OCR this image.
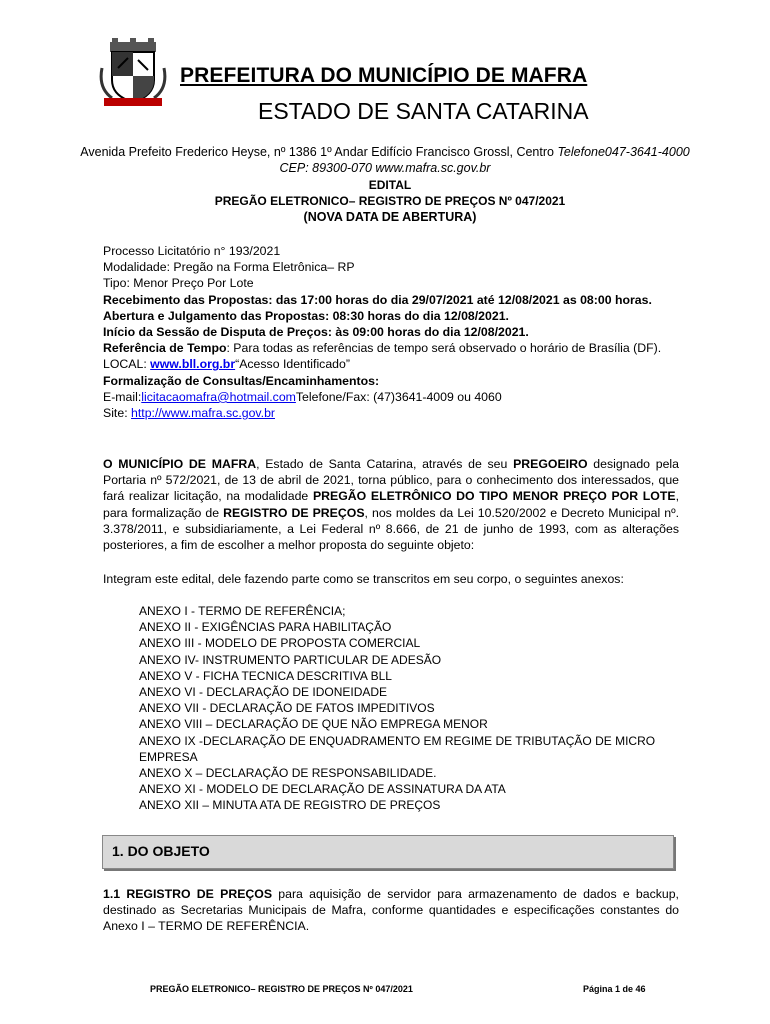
PREFEITURA DO MUNICÍPIO DE MAFRA
ESTADO DE SANTA CATARINA
Avenida Prefeito Frederico Heyse, nº 1386 1º Andar Edifício Francisco Grossl, Centro Telefone047-3641-4000
CEP: 89300-070 www.mafra.sc.gov.br
EDITAL
PREGÃO ELETRONICO– REGISTRO DE PREÇOS Nº 047/2021
(NOVA DATA DE ABERTURA)
Processo Licitatório n° 193/2021
Modalidade: Pregão na Forma Eletrônica– RP
Tipo: Menor Preço Por Lote
Recebimento das Propostas: das 17:00 horas do dia 29/07/2021 até 12/08/2021 as 08:00 horas.
Abertura e Julgamento das Propostas: 08:30 horas do dia 12/08/2021.
Início da Sessão de Disputa de Preços: às 09:00 horas do dia 12/08/2021.
Referência de Tempo: Para todas as referências de tempo será observado o horário de Brasília (DF).
LOCAL: www.bll.org.br“Acesso Identificado”
Formalização de Consultas/Encaminhamentos:
E-mail:licitacaomafra@hotmail.comTelefone/Fax: (47)3641-4009 ou 4060
Site: http://www.mafra.sc.gov.br
O MUNICÍPIO DE MAFRA, Estado de Santa Catarina, através de seu PREGOEIRO designado pela Portaria nº 572/2021, de 13 de abril de 2021, torna público, para o conhecimento dos interessados, que fará realizar licitação, na modalidade PREGÃO ELETRÔNICO DO TIPO MENOR PREÇO POR LOTE, para formalização de REGISTRO DE PREÇOS, nos moldes da Lei 10.520/2002 e Decreto Municipal nº. 3.378/2011, e subsidiariamente, a Lei Federal nº 8.666, de 21 de junho de 1993, com as alterações posteriores, a fim de escolher a melhor proposta do seguinte objeto:
Integram este edital, dele fazendo parte como se transcritos em seu corpo, o seguintes anexos:
ANEXO I - TERMO DE REFERÊNCIA;
ANEXO II - EXIGÊNCIAS PARA HABILITAÇÃO
ANEXO III - MODELO DE PROPOSTA COMERCIAL
ANEXO IV- INSTRUMENTO PARTICULAR DE ADESÃO
ANEXO V - FICHA TECNICA DESCRITIVA BLL
ANEXO VI - DECLARAÇÃO DE IDONEIDADE
ANEXO VII - DECLARAÇÃO DE FATOS IMPEDITIVOS
ANEXO VIII – DECLARAÇÃO DE QUE NÃO EMPREGA MENOR
ANEXO IX -DECLARAÇÃO DE ENQUADRAMENTO EM REGIME DE TRIBUTAÇÃO DE MICRO
EMPRESA
ANEXO X – DECLARAÇÃO DE RESPONSABILIDADE.
ANEXO XI - MODELO DE DECLARAÇÃO DE ASSINATURA DA ATA
ANEXO XII – MINUTA ATA DE REGISTRO DE PREÇOS
1. DO OBJETO
1.1 REGISTRO DE PREÇOS para aquisição de servidor para armazenamento de dados e backup, destinado as Secretarias Municipais de Mafra, conforme quantidades e especificações constantes do Anexo I – TERMO DE REFERÊNCIA.
PREGÃO ELETRONICO– REGISTRO DE PREÇOS Nº 047/2021	Página 1 de 46
